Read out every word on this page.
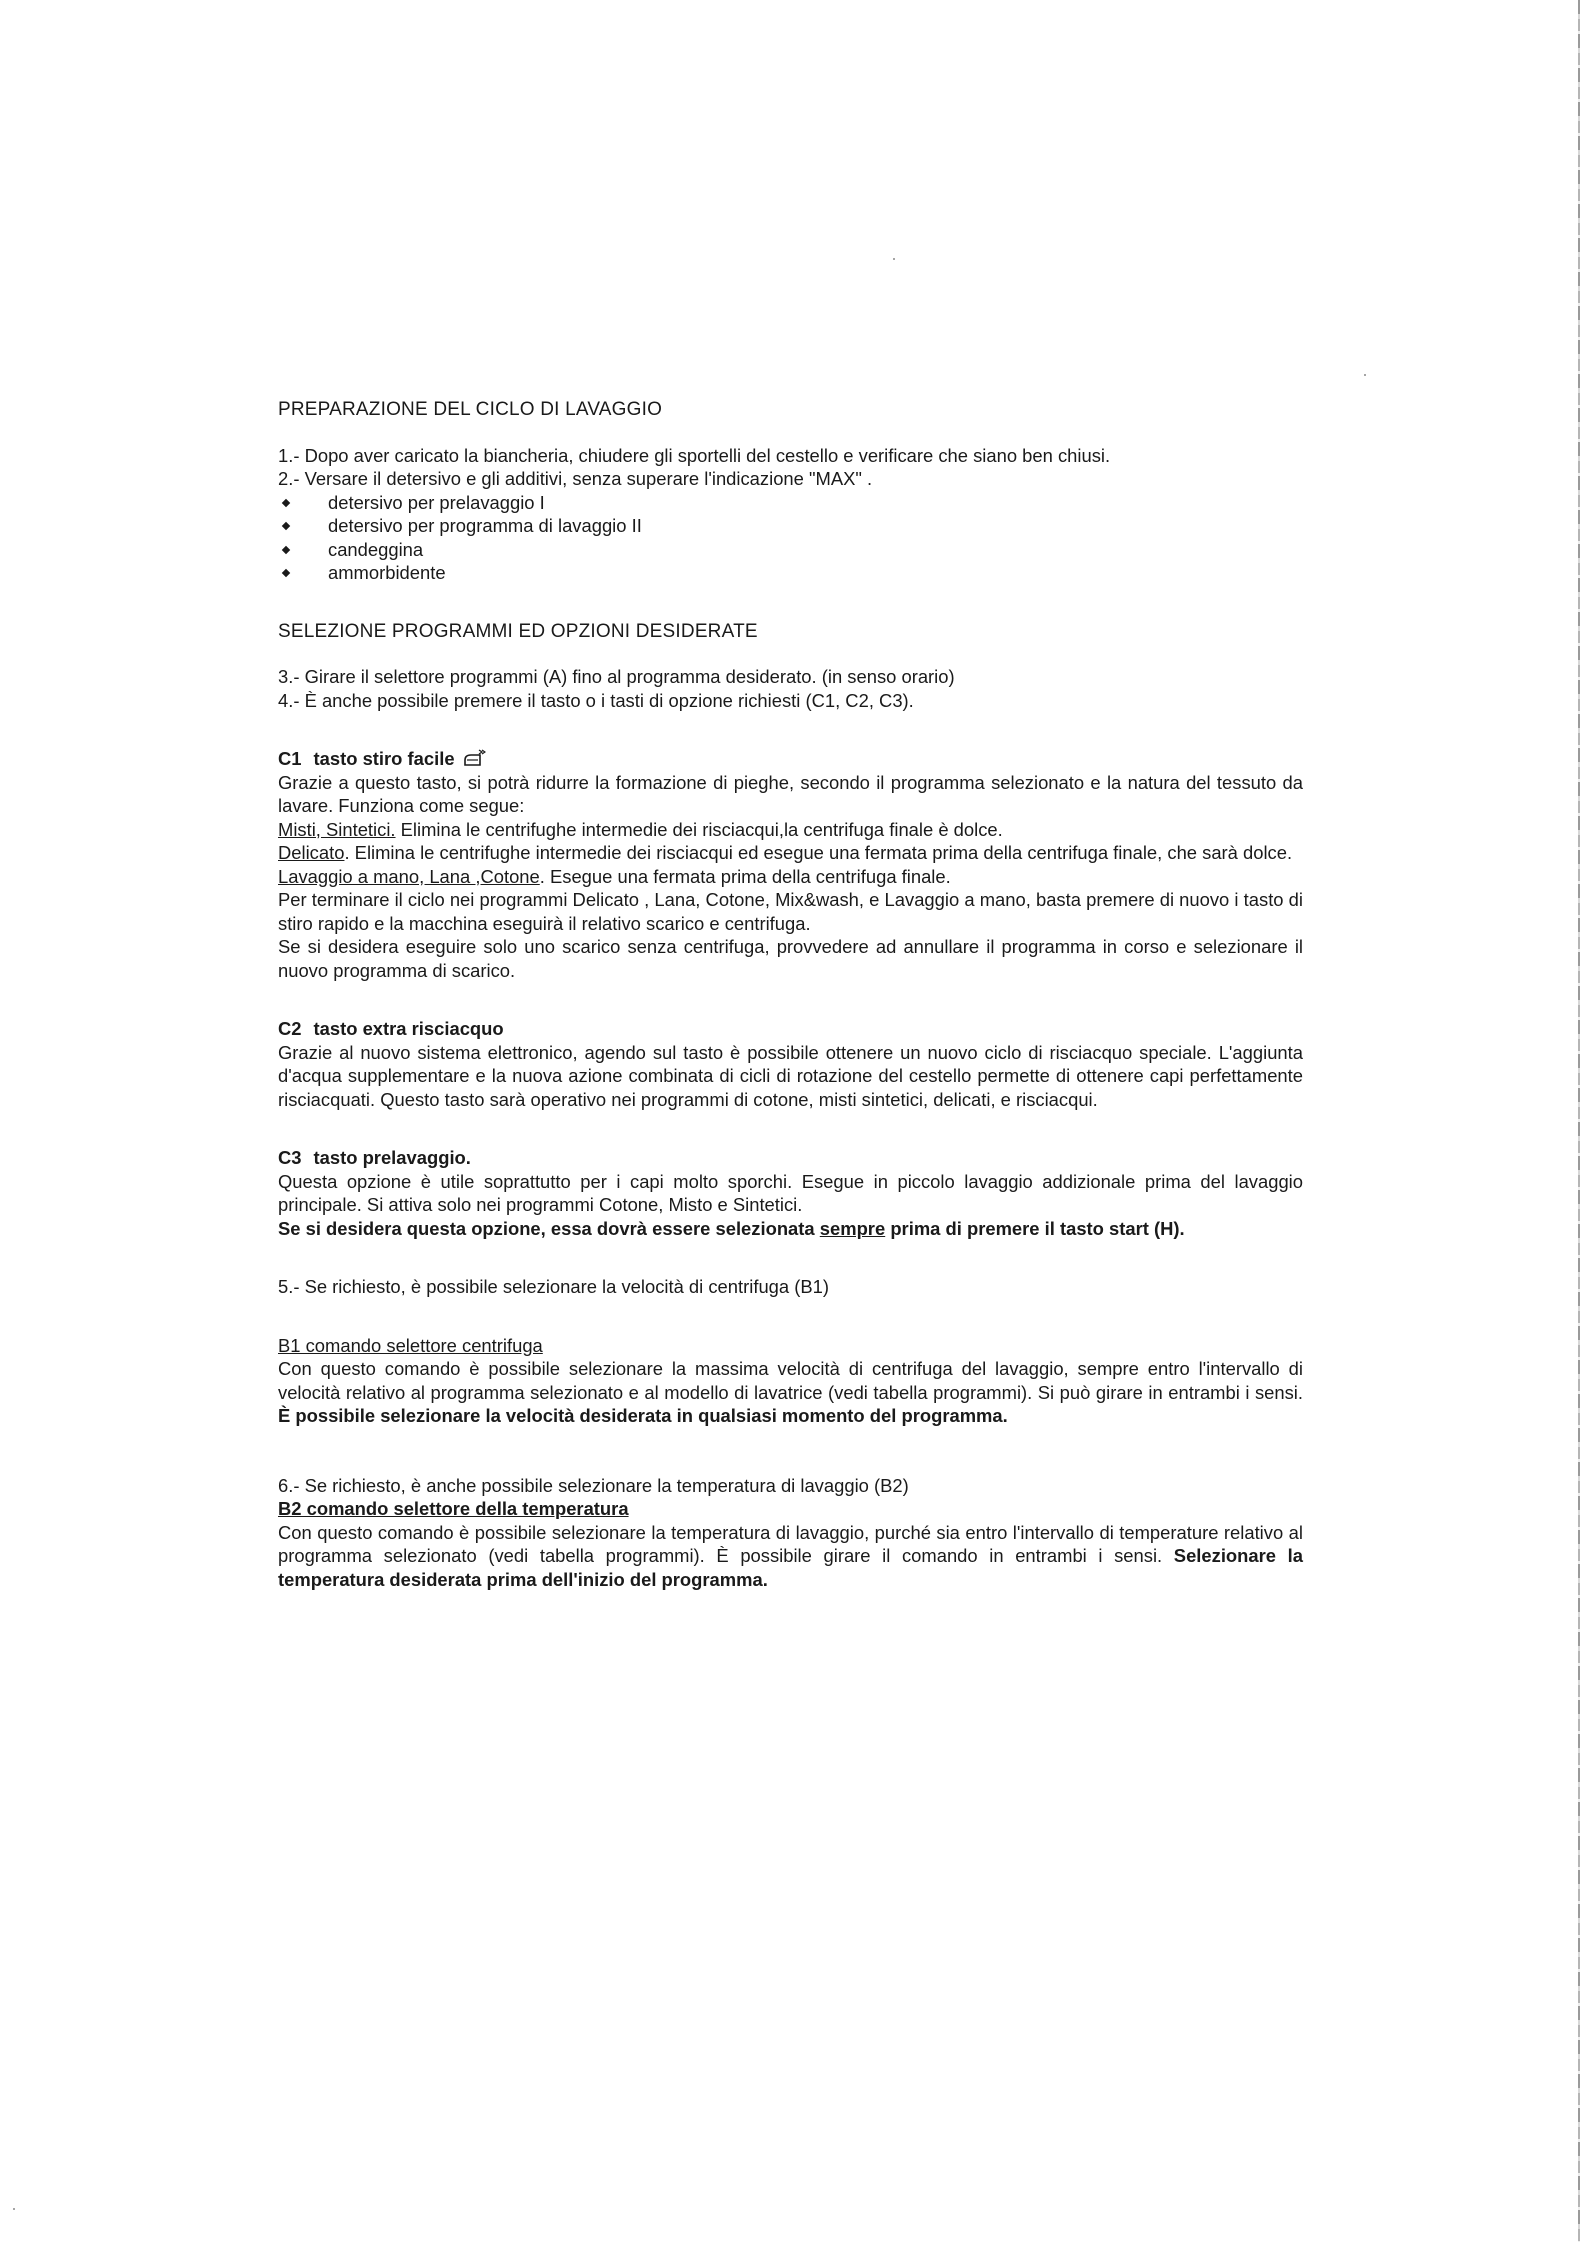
PREPARAZIONE DEL CICLO DI LAVAGGIO

1.- Dopo aver caricato la biancheria, chiudere gli sportelli del cestello e verificare che siano ben chiusi.

2.- Versare il detersivo e gli additivi, senza superare l'indicazione "MAX" .

detersivo per prelavaggio I
detersivo per programma di lavaggio II
candeggina
ammorbidente

SELEZIONE PROGRAMMI ED OPZIONI DESIDERATE

3.- Girare il selettore programmi (A) fino al programma desiderato. (in senso orario)

4.- È anche possibile premere il tasto o i tasti di opzione richiesti (C1, C2, C3).

C1 tasto stiro facile

Grazie a questo tasto, si potrà ridurre la formazione di pieghe, secondo il programma selezionato e la natura del tessuto da lavare. Funziona come segue:

Misti, Sintetici. Elimina le centrifughe intermedie dei risciacqui,la centrifuga finale è dolce.

Delicato. Elimina le centrifughe intermedie dei risciacqui ed esegue una fermata prima della centrifuga finale, che sarà dolce.

Lavaggio a mano, Lana ,Cotone. Esegue una fermata prima della centrifuga finale.

Per terminare il ciclo nei programmi Delicato , Lana, Cotone, Mix&wash, e Lavaggio a mano, basta premere di nuovo i tasto di stiro rapido e la macchina eseguirà il relativo scarico e centrifuga.

Se si desidera eseguire solo uno scarico senza centrifuga, provvedere ad annullare il programma in corso e selezionare il nuovo programma di scarico.

C2 tasto extra risciacquo

Grazie al nuovo sistema elettronico, agendo sul tasto è possibile ottenere un nuovo ciclo di risciacquo speciale. L'aggiunta d'acqua supplementare e la nuova azione combinata di cicli di rotazione del cestello permette di ottenere capi perfettamente risciacquati. Questo tasto sarà operativo nei programmi di cotone, misti sintetici, delicati, e risciacqui.

C3 tasto prelavaggio.

Questa opzione è utile soprattutto per i capi molto sporchi. Esegue in piccolo lavaggio addizionale prima del lavaggio principale. Si attiva solo nei programmi Cotone, Misto e Sintetici.

Se si desidera questa opzione, essa dovrà essere selezionata sempre prima di premere il tasto start (H).

5.- Se richiesto, è possibile selezionare la velocità di centrifuga (B1)

B1 comando selettore centrifuga

Con questo comando è possibile selezionare la massima velocità di centrifuga del lavaggio, sempre entro l'intervallo di velocità relativo al programma selezionato e al modello di lavatrice (vedi tabella programmi). Si può girare in entrambi i sensi. È possibile selezionare la velocità desiderata in qualsiasi momento del programma.

6.- Se richiesto, è anche possibile selezionare la temperatura di lavaggio (B2)

B2 comando selettore della temperatura

Con questo comando è possibile selezionare la temperatura di lavaggio, purché sia entro l'intervallo di temperature relativo al programma selezionato (vedi tabella programmi). È possibile girare il comando in entrambi i sensi. Selezionare la temperatura desiderata prima dell'inizio del programma.
